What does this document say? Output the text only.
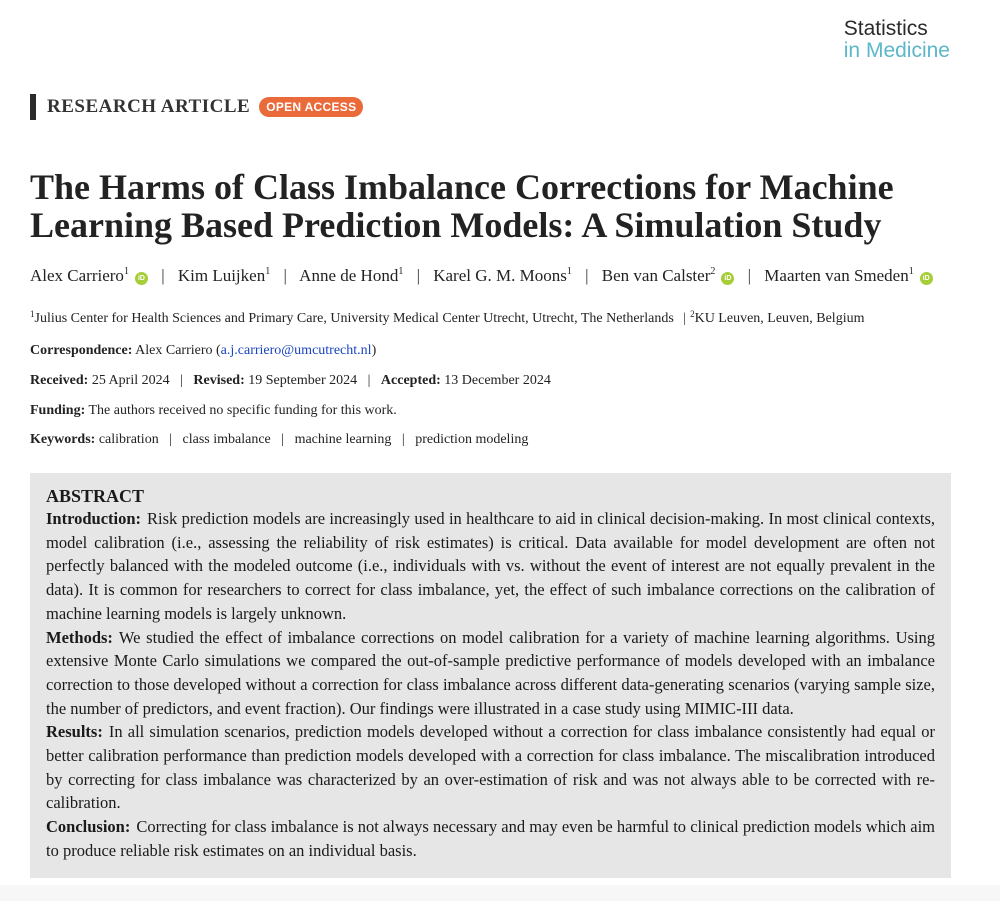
Statistics
in Medicine
RESEARCH ARTICLE	OPEN ACCESS
The Harms of Class Imbalance Corrections for Machine Learning Based Prediction Models: A Simulation Study
Alex Carriero$^1$iD | Kim Luijken$^1$ | Anne de Hond$^1$ | Karel G. M. Moons$^1$ | Ben van Calster$^2$iD | Maarten van Smeden$^1$iD
$^1$Julius Center for Health Sciences and Primary Care, University Medical Center Utrecht, Utrecht, The Netherlands | $^2$KU Leuven, Leuven, Belgium
Correspondence: Alex Carriero (a.j.carriero@umcutrecht.nl)
Received: 25 April 2024 | Revised: 19 September 2024 | Accepted: 13 December 2024
Funding: The authors received no specific funding for this work.
Keywords: calibration | class imbalance | machine learning | prediction modeling

ABSTRACT

Introduction: Risk prediction models are increasingly used in healthcare to aid in clinical decision-making. In most clinical contexts, model calibration (i.e., assessing the reliability of risk estimates) is critical. Data available for model development are often not perfectly balanced with the modeled outcome (i.e., individuals with vs. without the event of interest are not equally prevalent in the data). It is common for researchers to correct for class imbalance, yet, the effect of such imbalance corrections on the calibration of machine learning models is largely unknown.

Methods: We studied the effect of imbalance corrections on model calibration for a variety of machine learning algorithms. Using extensive Monte Carlo simulations we compared the out-of-sample predictive performance of models developed with an imbalance correction to those developed without a correction for class imbalance across different data-generating scenarios (varying sample size, the number of predictors, and event fraction). Our findings were illustrated in a case study using MIMIC-III data.

Results: In all simulation scenarios, prediction models developed without a correction for class imbalance consistently had equal or better calibration performance than prediction models developed with a correction for class imbalance. The miscalibration introduced by correcting for class imbalance was characterized by an over-estimation of risk and was not always able to be corrected with re-calibration.

Conclusion: Correcting for class imbalance is not always necessary and may even be harmful to clinical prediction models which aim to produce reliable risk estimates on an individual basis.
